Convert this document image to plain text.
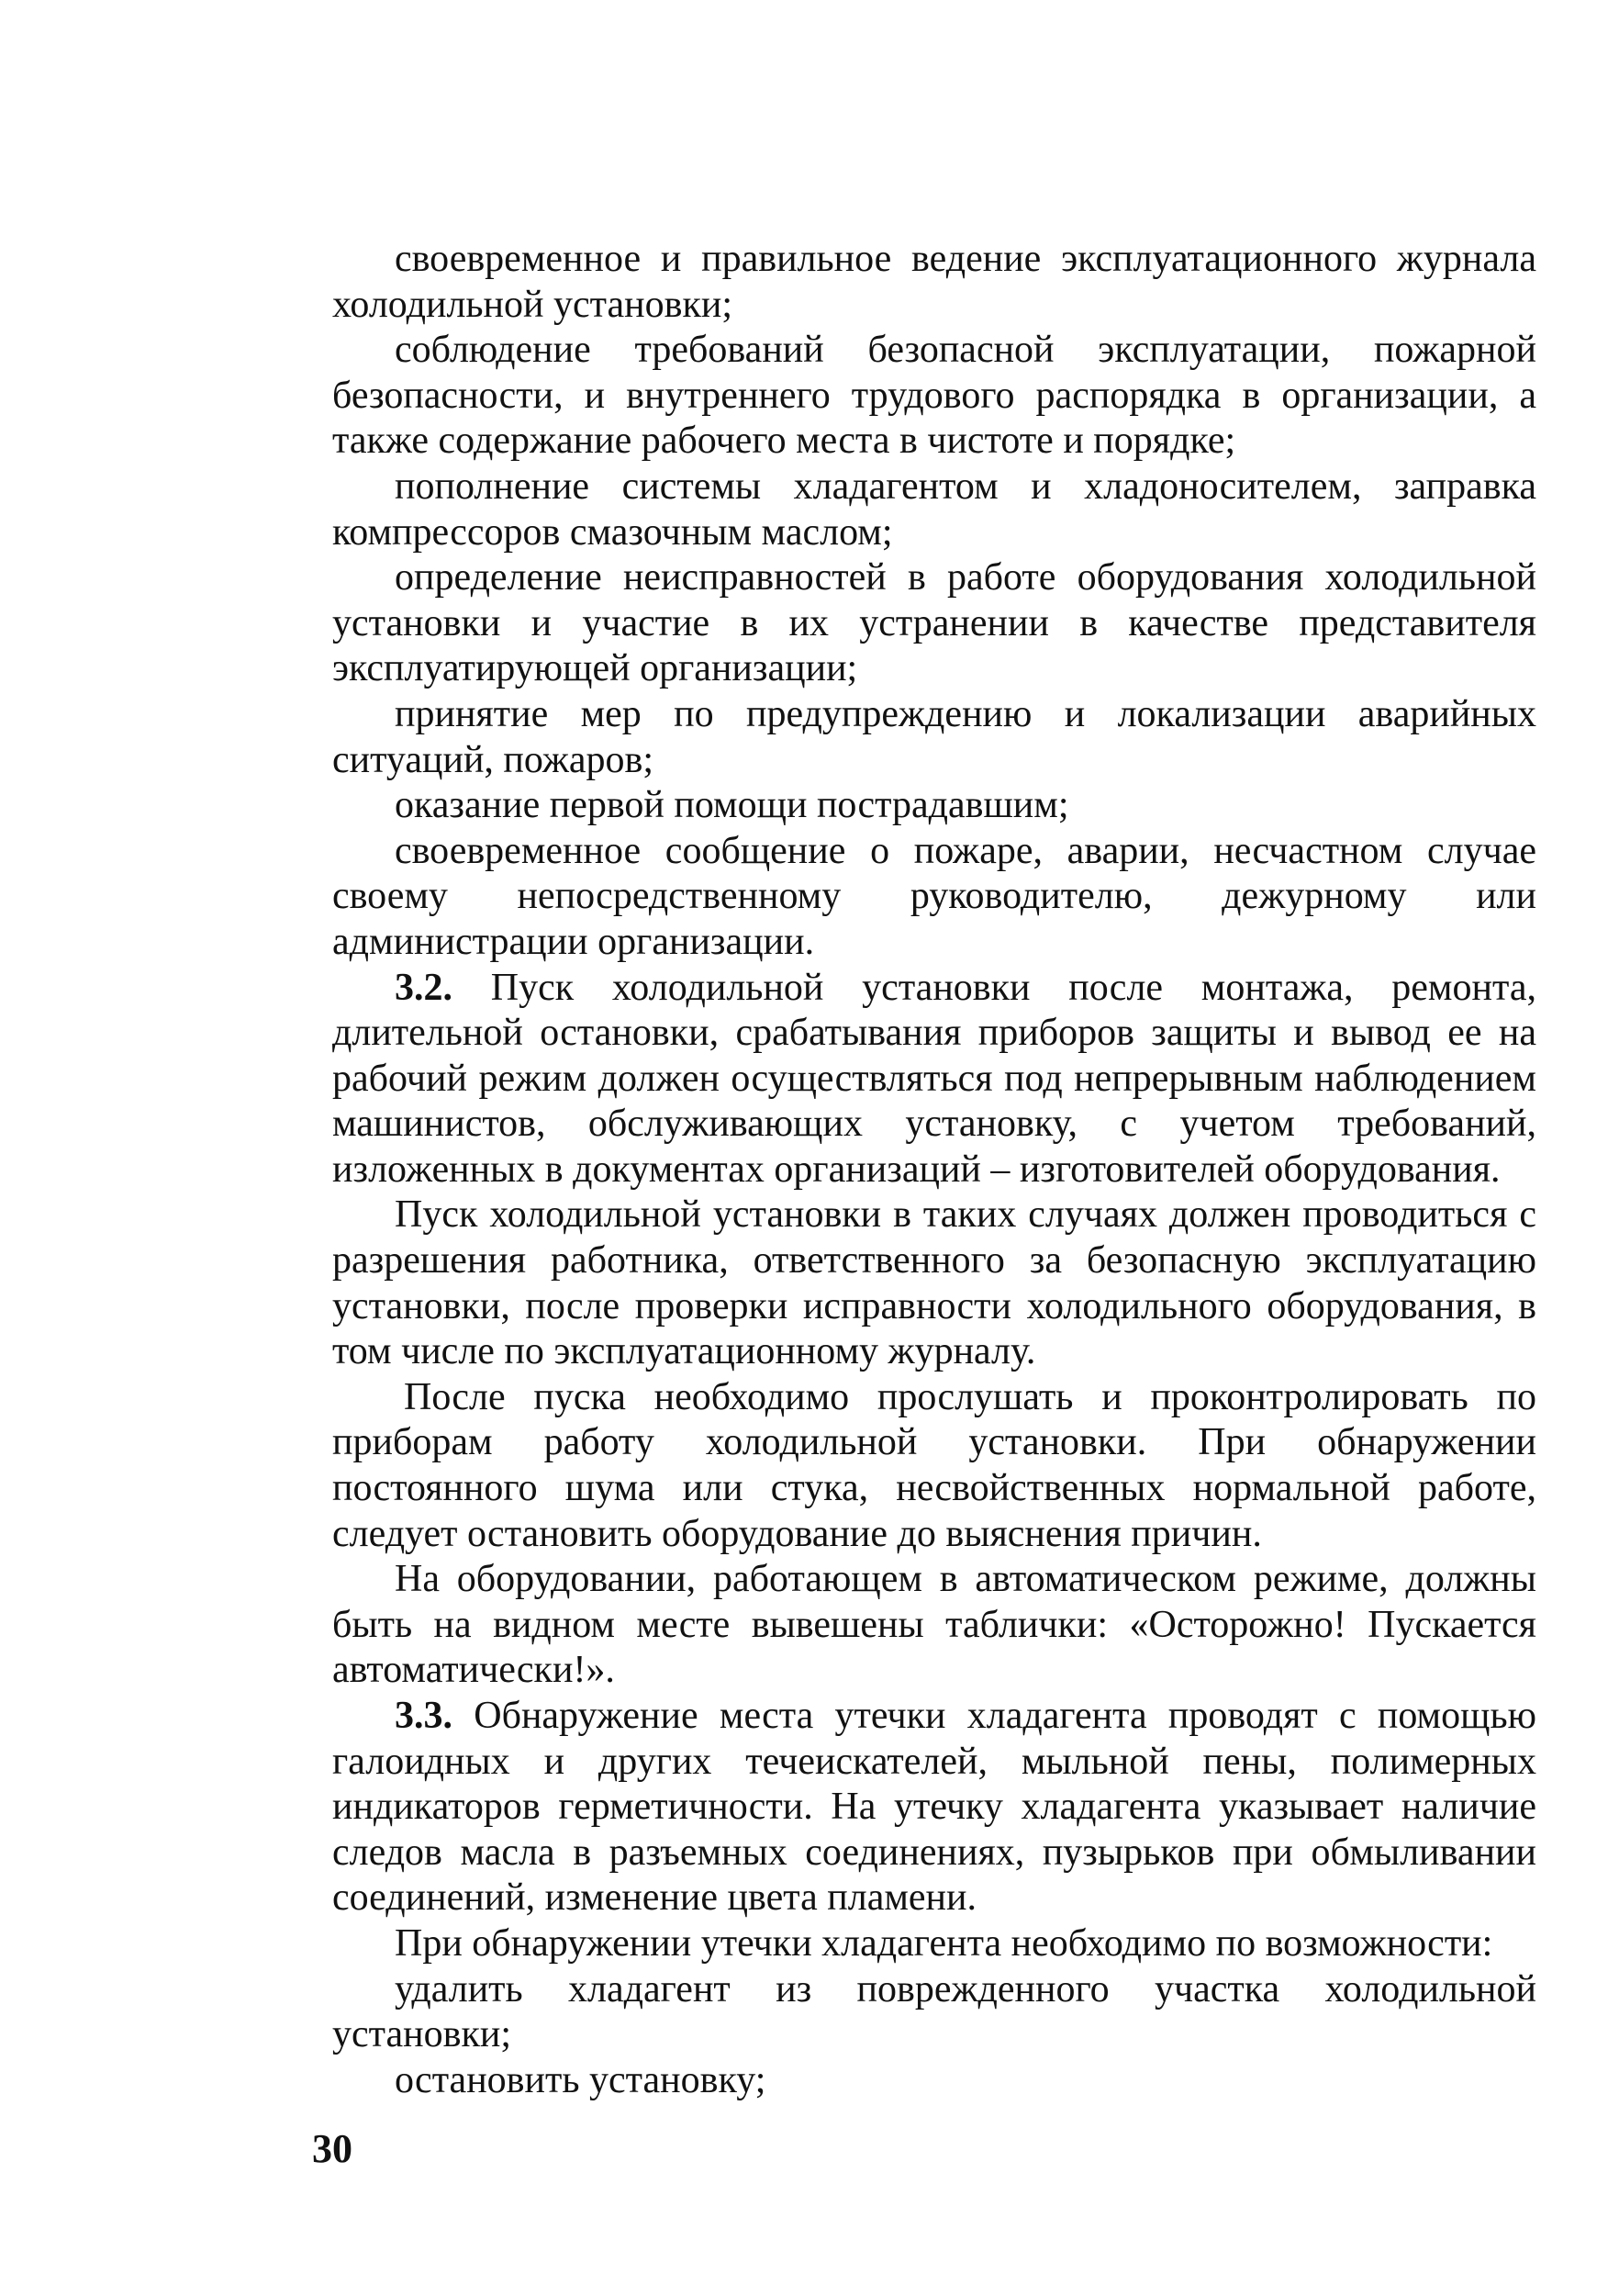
своевременное и правильное ведение эксплуатационного журнала холодильной установки;

соблюдение требований безопасной эксплуатации, пожарной безопасности, и внутреннего трудового распорядка в организации, а также содержание рабочего места в чистоте и порядке;

пополнение системы хладагентом и хладоносителем, заправка компрессоров смазочным маслом;

определение неисправностей в работе оборудования холодильной установки и участие в их устранении в качестве представителя эксплуатирующей организации;

принятие мер по предупреждению и локализации аварийных ситуаций, пожаров;

оказание первой помощи пострадавшим;

своевременное сообщение о пожаре, аварии, несчастном случае своему непосредственному руководителю, дежурному или администрации организации.

3.2. Пуск холодильной установки после монтажа, ремонта, длительной остановки, срабатывания приборов защиты и вывод ее на рабочий режим должен осуществляться под непрерывным наблюдением машинистов, обслуживающих установку, с учетом требований, изложенных в документах организаций – изготовителей оборудования.

Пуск холодильной установки в таких случаях должен проводиться с разрешения работника, ответственного за безопасную эксплуатацию установки, после проверки исправности холодильного оборудования, в том числе по эксплуатационному журналу.

После пуска необходимо прослушать и проконтролировать по приборам работу холодильной установки. При обнаружении постоянного шума или стука, несвойственных нормальной работе, следует остановить оборудование до выяснения причин.

На оборудовании, работающем в автоматическом режиме, должны быть на видном месте вывешены таблички: «Осторожно! Пускается автоматически!».

3.3. Обнаружение места утечки хладагента проводят с помощью галоидных и других течеискателей, мыльной пены, полимерных индикаторов герметичности. На утечку хладагента указывает наличие следов масла в разъемных соединениях, пузырьков при обмыливании соединений, изменение цвета пламени.

При обнаружении утечки хладагента необходимо по возможности:

удалить хладагент из поврежденного участка холодильной установки;

остановить установку;

30
